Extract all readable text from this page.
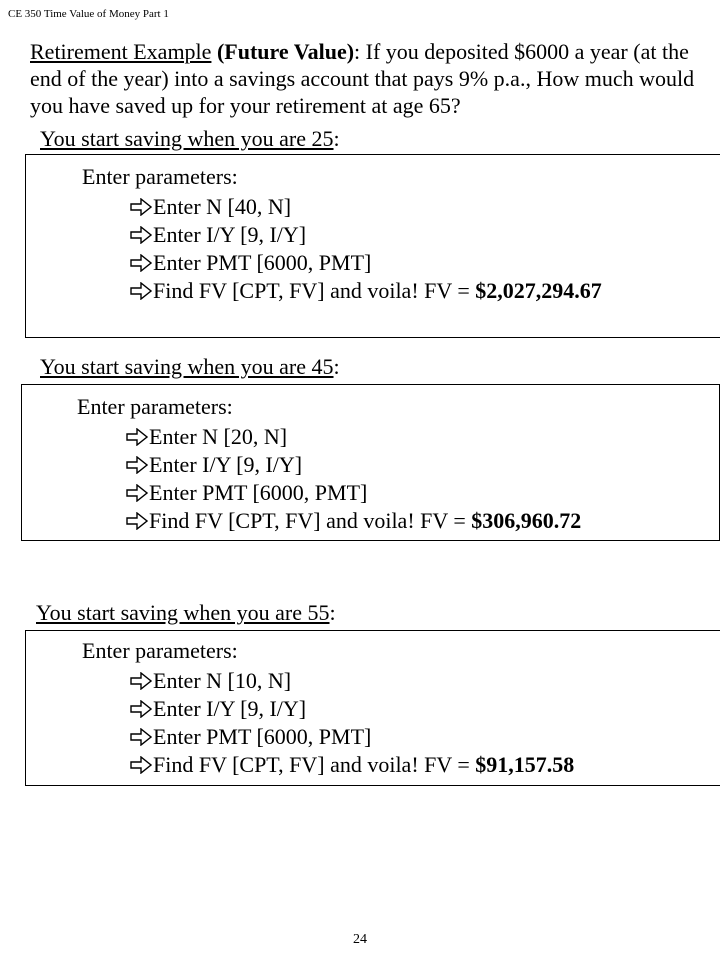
CE 350 Time Value of Money Part 1
Retirement Example (Future Value): If you deposited $6000 a year (at the end of the year) into a savings account that pays 9% p.a., How much would you have saved up for your retirement at age 65?
You start saving when you are 25:
Enter parameters:
Enter N [40, N]
Enter I/Y [9, I/Y]
Enter PMT [6000, PMT]
Find FV [CPT, FV] and voila! FV = $2,027,294.67
You start saving when you are 45:
Enter parameters:
Enter N [20, N]
Enter I/Y [9, I/Y]
Enter PMT [6000, PMT]
Find FV [CPT, FV] and voila! FV = $306,960.72
You start saving when you are 55:
Enter parameters:
Enter N [10, N]
Enter I/Y [9, I/Y]
Enter PMT [6000, PMT]
Find FV [CPT, FV] and voila! FV = $91,157.58
24
